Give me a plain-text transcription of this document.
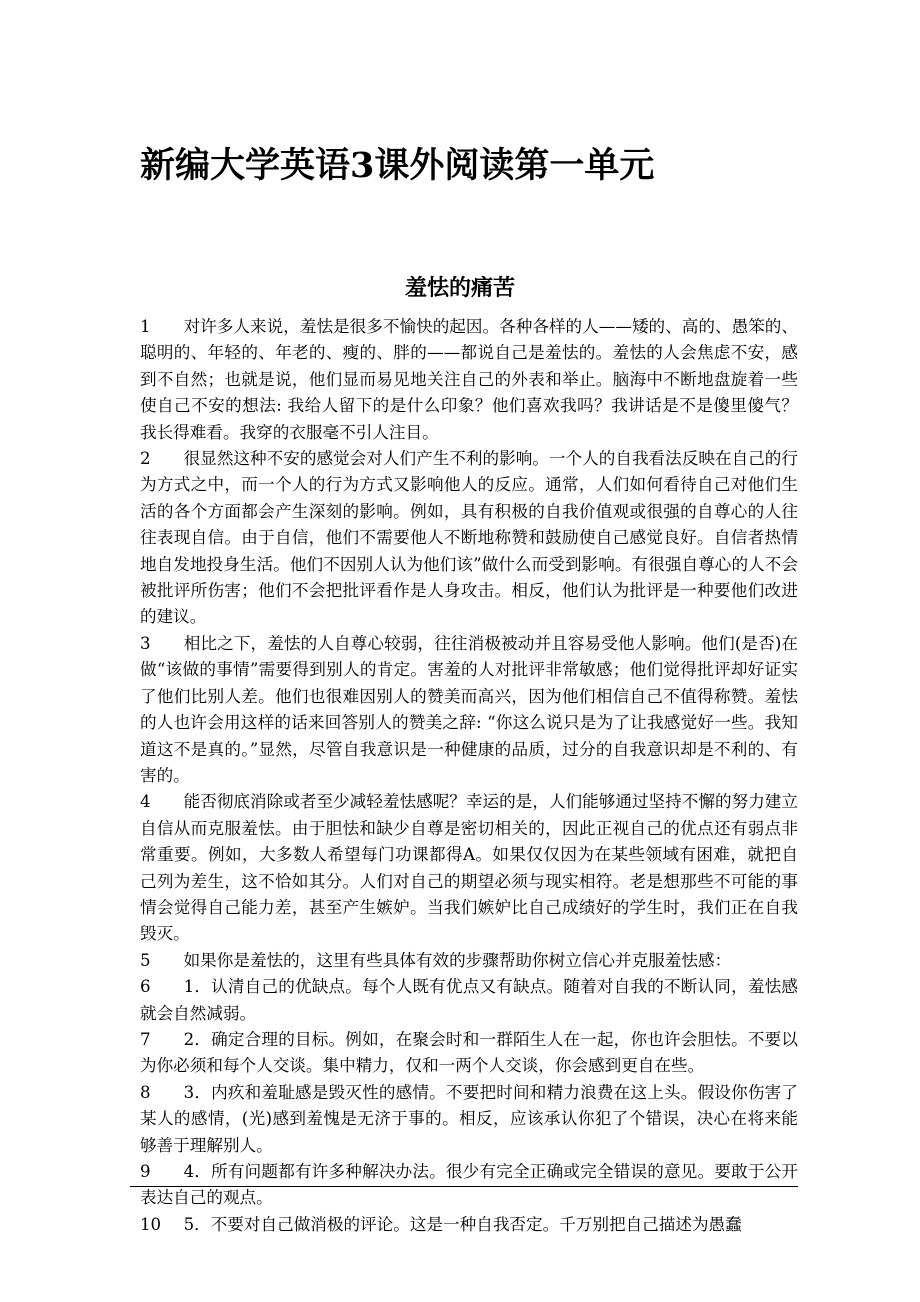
新编大学英语3课外阅读第一单元
羞怯的痛苦

1  对许多人来说，羞怯是很多不愉快的起因。各种各样的人——矮的、高的、愚笨的、聪明的、年轻的、年老的、瘦的、胖的——都说自己是羞怯的。羞怯的人会焦虑不安，感到不自然；也就是说，他们显而易见地关注自己的外表和举止。脑海中不断地盘旋着一些使自己不安的想法: 我给人留下的是什么印象？他们喜欢我吗？我讲话是不是傻里傻气？我长得难看。我穿的衣服毫不引人注目。

2  很显然这种不安的感觉会对人们产生不利的影响。一个人的自我看法反映在自己的行为方式之中，而一个人的行为方式又影响他人的反应。通常，人们如何看待自己对他们生活的各个方面都会产生深刻的影响。例如，具有积极的自我价值观或很强的自尊心的人往往表现自信。由于自信，他们不需要他人不断地称赞和鼓励使自己感觉良好。自信者热情地自发地投身生活。他们不因别人认为他们该”做什么而受到影响。有很强自尊心的人不会被批评所伤害；他们不会把批评看作是人身攻击。相反，他们认为批评是一种要他们改进的建议。

3  相比之下，羞怯的人自尊心较弱，往往消极被动并且容易受他人影响。他们(是否)在做“该做的事情”需要得到别人的肯定。害羞的人对批评非常敏感；他们觉得批评却好证实了他们比别人差。他们也很难因别人的赞美而高兴，因为他们相信自己不值得称赞。羞怯的人也许会用这样的话来回答别人的赞美之辞: “你这么说只是为了让我感觉好一些。我知道这不是真的。”显然，尽管自我意识是一种健康的品质，过分的自我意识却是不利的、有害的。

4  能否彻底消除或者至少减轻羞怯感呢？幸运的是，人们能够通过坚持不懈的努力建立自信从而克服羞怯。由于胆怯和缺少自尊是密切相关的，因此正视自己的优点还有弱点非常重要。例如，大多数人希望每门功课都得A。如果仅仅因为在某些领域有困难，就把自己列为差生，这不恰如其分。人们对自己的期望必须与现实相符。老是想那些不可能的事情会觉得自己能力差，甚至产生嫉妒。当我们嫉妒比自己成绩好的学生时，我们正在自我毁灭。

5  如果你是羞怯的，这里有些具体有效的步骤帮助你树立信心并克服羞怯感：

6  1．认清自己的优缺点。每个人既有优点又有缺点。随着对自我的不断认同，羞怯感就会自然减弱。

7  2．确定合理的目标。例如，在聚会时和一群陌生人在一起，你也许会胆怯。不要以为你必须和每个人交谈。集中精力，仅和一两个人交谈，你会感到更自在些。

8  3．内疚和羞耻感是毁灭性的感情。不要把时间和精力浪费在这上头。假设你伤害了某人的感情，(光)感到羞愧是无济于事的。相反，应该承认你犯了个错误，决心在将来能够善于理解别人。

9  4．所有问题都有许多种解决办法。很少有完全正确或完全错误的意见。要敢于公开表达自己的观点。

10  5．不要对自己做消极的评论。这是一种自我否定。千万别把自己描述为愚蠢
